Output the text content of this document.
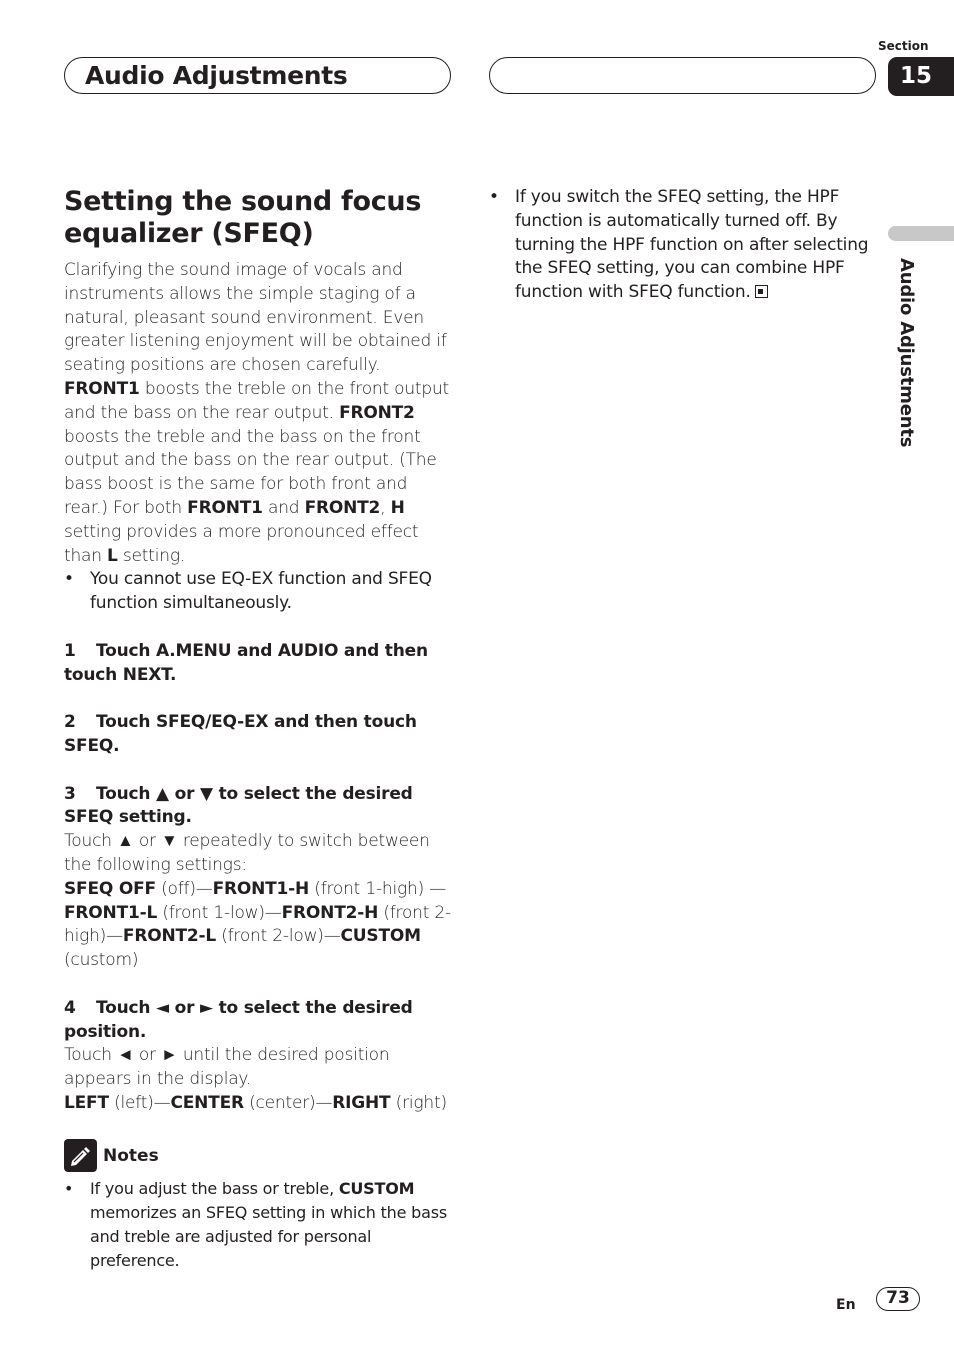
Section
15
Audio Adjustments
Audio Adjustments
Setting the sound focus equalizer (SFEQ)

Clarifying the sound image of vocals and instruments allows the simple staging of a natural, pleasant sound environment. Even greater listening enjoyment will be obtained if seating positions are chosen carefully.
FRONT1 boosts the treble on the front output and the bass on the rear output. FRONT2 boosts the treble and the bass on the front output and the bass on the rear output. (The bass boost is the same for both front and rear.) For both FRONT1 and FRONT2, H setting provides a more pronounced effect than L setting.

• You cannot use EQ-EX function and SFEQ function simultaneously.
1 Touch A.MENU and AUDIO and then touch NEXT.
2 Touch SFEQ/EQ-EX and then touch SFEQ.
3 Touch ▲ or ▼ to select the desired SFEQ setting.

Touch ▲ or ▼ repeatedly to switch between the following settings:
SFEQ OFF (off)—FRONT1-H (front 1-high) —FRONT1-L (front 1-low)—FRONT2-H (front 2-high)—FRONT2-L (front 2-low)—CUSTOM (custom)

4 Touch ◄ or ► to select the desired position.

Touch ◄ or ► until the desired position appears in the display.
LEFT (left)—CENTER (center)—RIGHT (right)

Notes
• If you adjust the bass or treble, CUSTOM memorizes an SFEQ setting in which the bass and treble are adjusted for personal preference.
• If you switch the SFEQ setting, the HPF function is automatically turned off. By turning the HPF function on after selecting the SFEQ setting, you can combine HPF function with SFEQ function.
En	73
